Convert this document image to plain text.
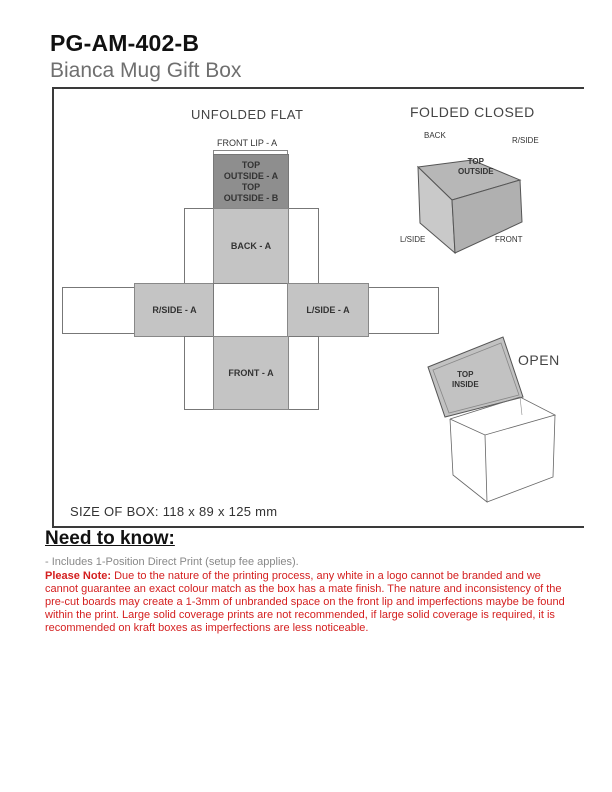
PG-AM-402-B
Bianca Mug Gift Box
UNFOLDED FLAT	FOLDED CLOSED
OPEN
FRONT LIP - A
TOP
OUTSIDE - A
TOP
OUTSIDE - B
BACK - A
R/SIDE - A	L/SIDE - A
FRONT - A
BACK
R/SIDE
TOP
OUTSIDE
L/SIDE	FRONT
TOP
INSIDE
SIZE OF BOX: 118 x 89 x 125 mm
Need to know:
- Includes 1-Position Direct Print (setup fee applies).
Please Note: Due to the nature of the printing process, any white in a logo cannot be branded and we cannot guarantee an exact colour match as the box has a mate finish. The nature and inconsistency of the pre-cut boards may create a 1-3mm of unbranded space on the front lip and imperfections maybe be found within the print. Large solid coverage prints are not recommended, if large solid coverage is required, it is recommended on kraft boxes as imperfections are less noticeable.
